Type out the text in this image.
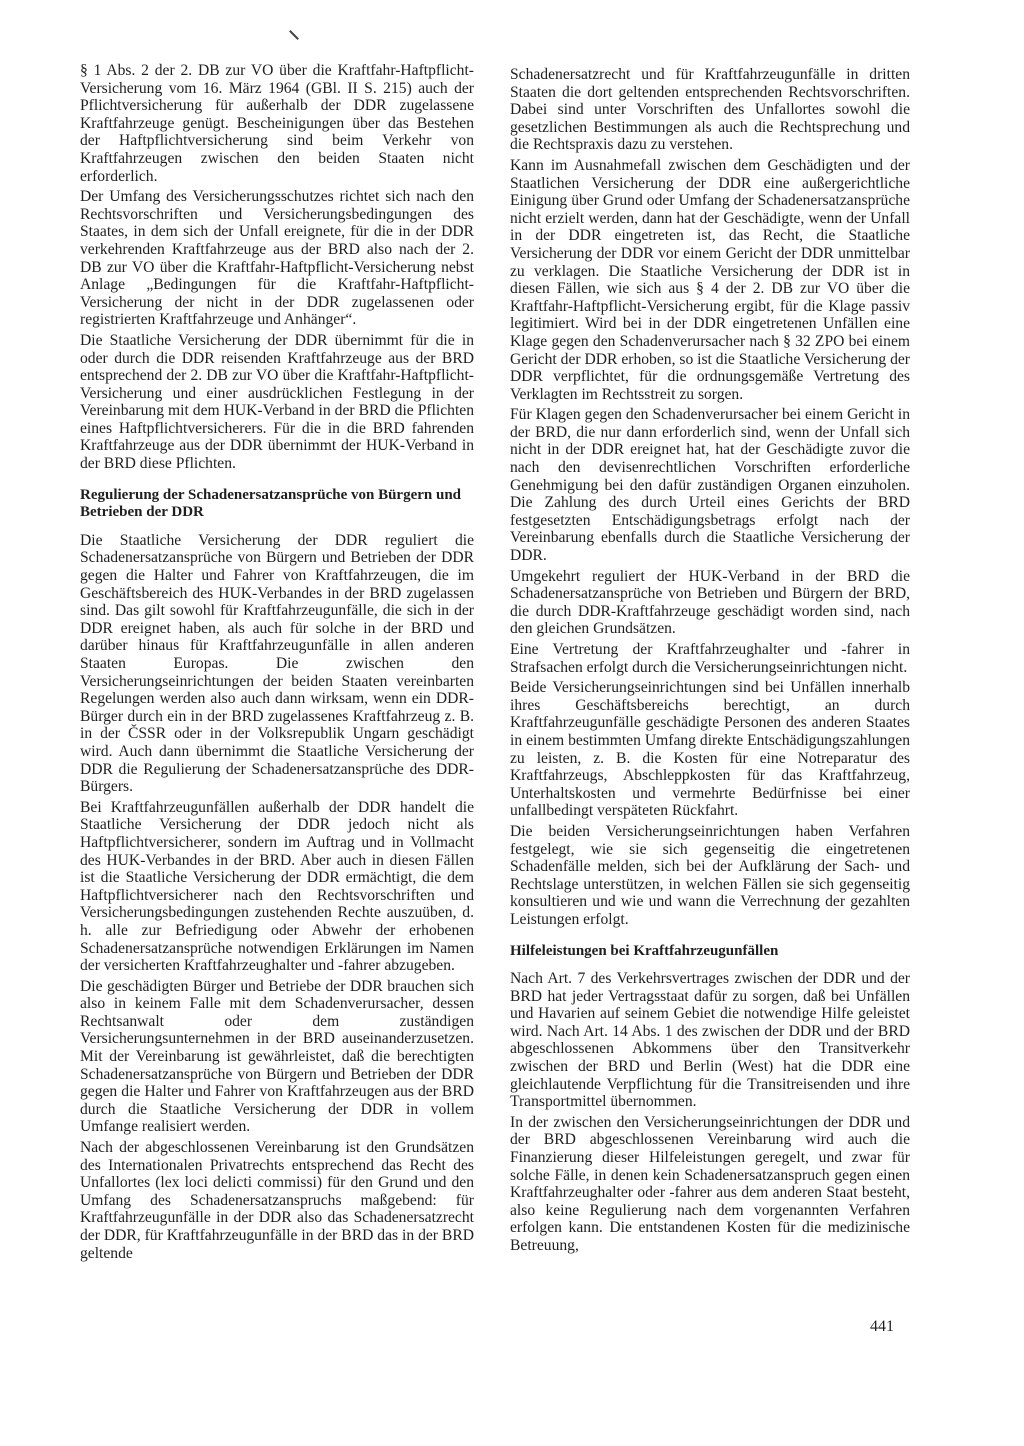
§ 1 Abs. 2 der 2. DB zur VO über die Kraftfahr-Haftpflicht-Versicherung vom 16. März 1964 (GBl. II S. 215) auch der Pflichtversicherung für außerhalb der DDR zugelassene Kraftfahrzeuge genügt. Bescheinigungen über das Bestehen der Haftpflichtversicherung sind beim Verkehr von Kraftfahrzeugen zwischen den beiden Staaten nicht erforderlich.

Der Umfang des Versicherungsschutzes richtet sich nach den Rechtsvorschriften und Versicherungsbedingungen des Staates, in dem sich der Unfall ereignete, für die in der DDR verkehrenden Kraftfahrzeuge aus der BRD also nach der 2. DB zur VO über die Kraftfahr-Haftpflicht-Versicherung nebst Anlage „Bedingungen für die Kraftfahr-Haftpflicht-Versicherung der nicht in der DDR zugelassenen oder registrierten Kraftfahrzeuge und Anhänger“.

Die Staatliche Versicherung der DDR übernimmt für die in oder durch die DDR reisenden Kraftfahrzeuge aus der BRD entsprechend der 2. DB zur VO über die Kraftfahr-Haftpflicht-Versicherung und einer ausdrücklichen Festlegung in der Vereinbarung mit dem HUK-Verband in der BRD die Pflichten eines Haftpflichtversicherers. Für die in die BRD fahrenden Kraftfahrzeuge aus der DDR übernimmt der HUK-Verband in der BRD diese Pflichten.

Regulierung der Schadenersatzansprüche von Bürgern und Betrieben der DDR

Die Staatliche Versicherung der DDR reguliert die Schadenersatzansprüche von Bürgern und Betrieben der DDR gegen die Halter und Fahrer von Kraftfahrzeugen, die im Geschäftsbereich des HUK-Verbandes in der BRD zugelassen sind. Das gilt sowohl für Kraftfahrzeugunfälle, die sich in der DDR ereignet haben, als auch für solche in der BRD und darüber hinaus für Kraftfahrzeugunfälle in allen anderen Staaten Europas. Die zwischen den Versicherungseinrichtungen der beiden Staaten vereinbarten Regelungen werden also auch dann wirksam, wenn ein DDR-Bürger durch ein in der BRD zugelassenes Kraftfahrzeug z. B. in der ČSSR oder in der Volksrepublik Ungarn geschädigt wird. Auch dann übernimmt die Staatliche Versicherung der DDR die Regulierung der Schadenersatzansprüche des DDR-Bürgers.

Bei Kraftfahrzeugunfällen außerhalb der DDR handelt die Staatliche Versicherung der DDR jedoch nicht als Haftpflichtversicherer, sondern im Auftrag und in Vollmacht des HUK-Verbandes in der BRD. Aber auch in diesen Fällen ist die Staatliche Versicherung der DDR ermächtigt, die dem Haftpflichtversicherer nach den Rechtsvorschriften und Versicherungsbedingungen zustehenden Rechte auszuüben, d. h. alle zur Befriedigung oder Abwehr der erhobenen Schadenersatzansprüche notwendigen Erklärungen im Namen der versicherten Kraftfahrzeughalter und -fahrer abzugeben.

Die geschädigten Bürger und Betriebe der DDR brauchen sich also in keinem Falle mit dem Schadenverursacher, dessen Rechtsanwalt oder dem zuständigen Versicherungsunternehmen in der BRD auseinanderzusetzen. Mit der Vereinbarung ist gewährleistet, daß die berechtigten Schadenersatzansprüche von Bürgern und Betrieben der DDR gegen die Halter und Fahrer von Kraftfahrzeugen aus der BRD durch die Staatliche Versicherung der DDR in vollem Umfange realisiert werden.

Nach der abgeschlossenen Vereinbarung ist den Grundsätzen des Internationalen Privatrechts entsprechend das Recht des Unfallortes (lex loci delicti commissi) für den Grund und den Umfang des Schadenersatzanspruchs maßgebend: für Kraftfahrzeugunfälle in der DDR also das Schadenersatzrecht der DDR, für Kraftfahrzeugunfälle in der BRD das in der BRD geltende

Schadenersatzrecht und für Kraftfahrzeugunfälle in dritten Staaten die dort geltenden entsprechenden Rechtsvorschriften. Dabei sind unter Vorschriften des Unfallortes sowohl die gesetzlichen Bestimmungen als auch die Rechtsprechung und die Rechtspraxis dazu zu verstehen.

Kann im Ausnahmefall zwischen dem Geschädigten und der Staatlichen Versicherung der DDR eine außergerichtliche Einigung über Grund oder Umfang der Schadenersatzansprüche nicht erzielt werden, dann hat der Geschädigte, wenn der Unfall in der DDR eingetreten ist, das Recht, die Staatliche Versicherung der DDR vor einem Gericht der DDR unmittelbar zu verklagen. Die Staatliche Versicherung der DDR ist in diesen Fällen, wie sich aus § 4 der 2. DB zur VO über die Kraftfahr-Haftpflicht-Versicherung ergibt, für die Klage passiv legitimiert. Wird bei in der DDR eingetretenen Unfällen eine Klage gegen den Schadenverursacher nach § 32 ZPO bei einem Gericht der DDR erhoben, so ist die Staatliche Versicherung der DDR verpflichtet, für die ordnungsgemäße Vertretung des Verklagten im Rechtsstreit zu sorgen.

Für Klagen gegen den Schadenverursacher bei einem Gericht in der BRD, die nur dann erforderlich sind, wenn der Unfall sich nicht in der DDR ereignet hat, hat der Geschädigte zuvor die nach den devisenrechtlichen Vorschriften erforderliche Genehmigung bei den dafür zuständigen Organen einzuholen. Die Zahlung des durch Urteil eines Gerichts der BRD festgesetzten Entschädigungsbetrags erfolgt nach der Vereinbarung ebenfalls durch die Staatliche Versicherung der DDR.

Umgekehrt reguliert der HUK-Verband in der BRD die Schadenersatzansprüche von Betrieben und Bürgern der BRD, die durch DDR-Kraftfahrzeuge geschädigt worden sind, nach den gleichen Grundsätzen.

Eine Vertretung der Kraftfahrzeughalter und -fahrer in Strafsachen erfolgt durch die Versicherungseinrichtungen nicht.

Beide Versicherungseinrichtungen sind bei Unfällen innerhalb ihres Geschäftsbereichs berechtigt, an durch Kraftfahrzeugunfälle geschädigte Personen des anderen Staates in einem bestimmten Umfang direkte Entschädigungszahlungen zu leisten, z. B. die Kosten für eine Notreparatur des Kraftfahrzeugs, Abschleppkosten für das Kraftfahrzeug, Unterhaltskosten und vermehrte Bedürfnisse bei einer unfallbedingt verspäteten Rückfahrt.

Die beiden Versicherungseinrichtungen haben Verfahren festgelegt, wie sie sich gegenseitig die eingetretenen Schadenfälle melden, sich bei der Aufklärung der Sach- und Rechtslage unterstützen, in welchen Fällen sie sich gegenseitig konsultieren und wie und wann die Verrechnung der gezahlten Leistungen erfolgt.

Hilfeleistungen bei Kraftfahrzeugunfällen

Nach Art. 7 des Verkehrsvertrages zwischen der DDR und der BRD hat jeder Vertragsstaat dafür zu sorgen, daß bei Unfällen und Havarien auf seinem Gebiet die notwendige Hilfe geleistet wird. Nach Art. 14 Abs. 1 des zwischen der DDR und der BRD abgeschlossenen Abkommens über den Transitverkehr zwischen der BRD und Berlin (West) hat die DDR eine gleichlautende Verpflichtung für die Transitreisenden und ihre Transportmittel übernommen.

In der zwischen den Versicherungseinrichtungen der DDR und der BRD abgeschlossenen Vereinbarung wird auch die Finanzierung dieser Hilfeleistungen geregelt, und zwar für solche Fälle, in denen kein Schadenersatzanspruch gegen einen Kraftfahrzeughalter oder -fahrer aus dem anderen Staat besteht, also keine Regulierung nach dem vorgenannten Verfahren erfolgen kann. Die entstandenen Kosten für die medizinische Betreuung,

441
